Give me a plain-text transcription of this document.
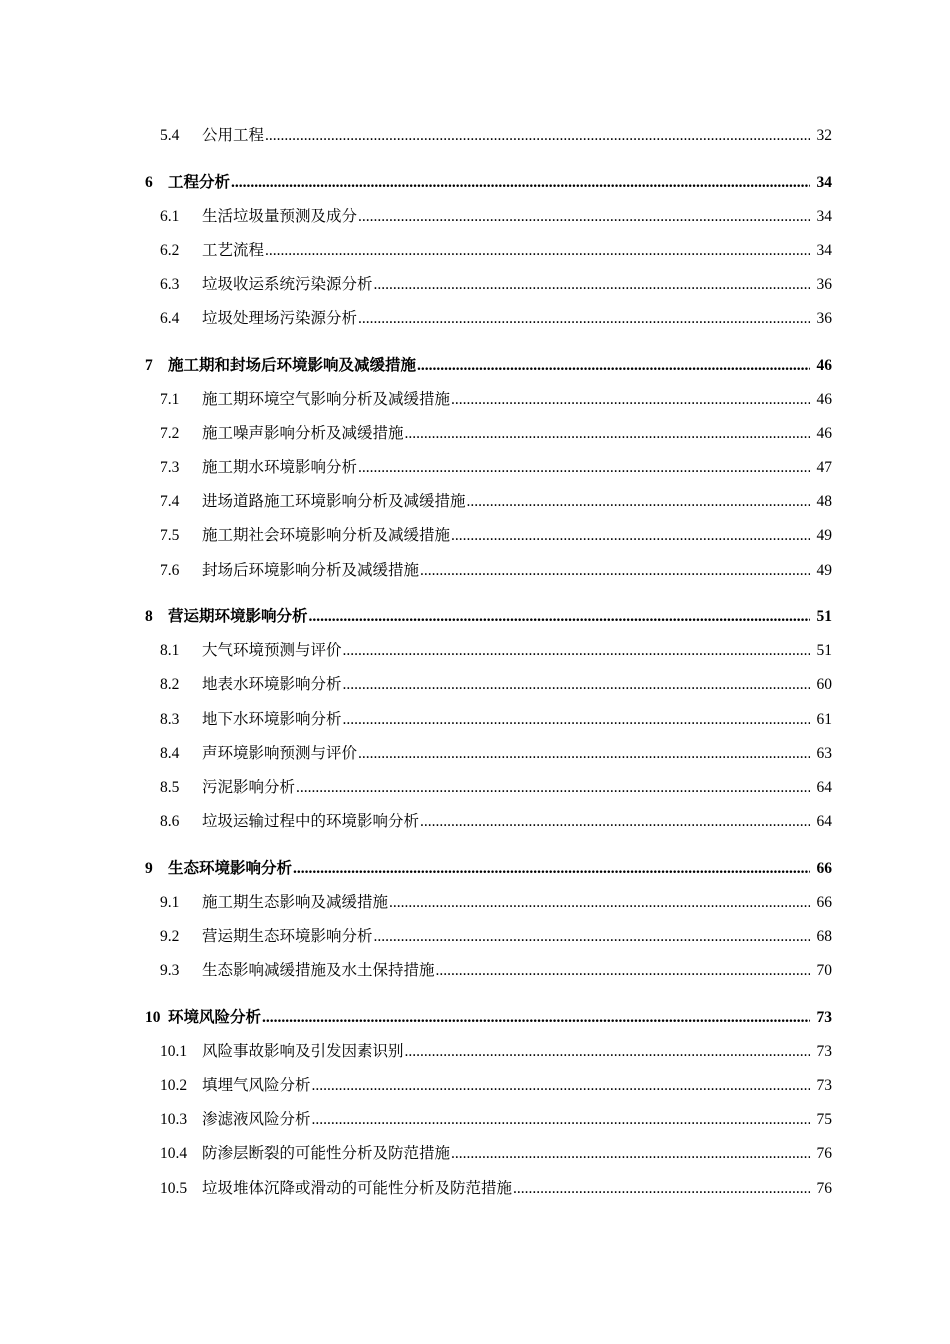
5.4 公用工程 .....	32
6 工程分析 .....	34
6.1 生活垃圾量预测及成分 .....	34
6.2 工艺流程 .....	34
6.3 垃圾收运系统污染源分析 .....	36
6.4 垃圾处理场污染源分析 .....	36
7 施工期和封场后环境影响及减缓措施 .....	46
7.1 施工期环境空气影响分析及减缓措施 .....	46
7.2 施工噪声影响分析及减缓措施 .....	46
7.3 施工期水环境影响分析 .....	47
7.4 进场道路施工环境影响分析及减缓措施 .....	48
7.5 施工期社会环境影响分析及减缓措施 .....	49
7.6 封场后环境影响分析及减缓措施 .....	49
8 营运期环境影响分析 .....	51
8.1 大气环境预测与评价 .....	51
8.2 地表水环境影响分析 .....	60
8.3 地下水环境影响分析 .....	61
8.4 声环境影响预测与评价 .....	63
8.5 污泥影响分析 .....	64
8.6 垃圾运输过程中的环境影响分析 .....	64
9 生态环境影响分析 .....	66
9.1 施工期生态影响及减缓措施 .....	66
9.2 营运期生态环境影响分析 .....	68
9.3 生态影响减缓措施及水土保持措施 .....	70
10 环境风险分析 .....	73
10.1 风险事故影响及引发因素识别 .....	73
10.2 填埋气风险分析 .....	73
10.3 渗滤液风险分析 .....	75
10.4 防渗层断裂的可能性分析及防范措施 .....	76
10.5 垃圾堆体沉降或滑动的可能性分析及防范措施 .....	76
